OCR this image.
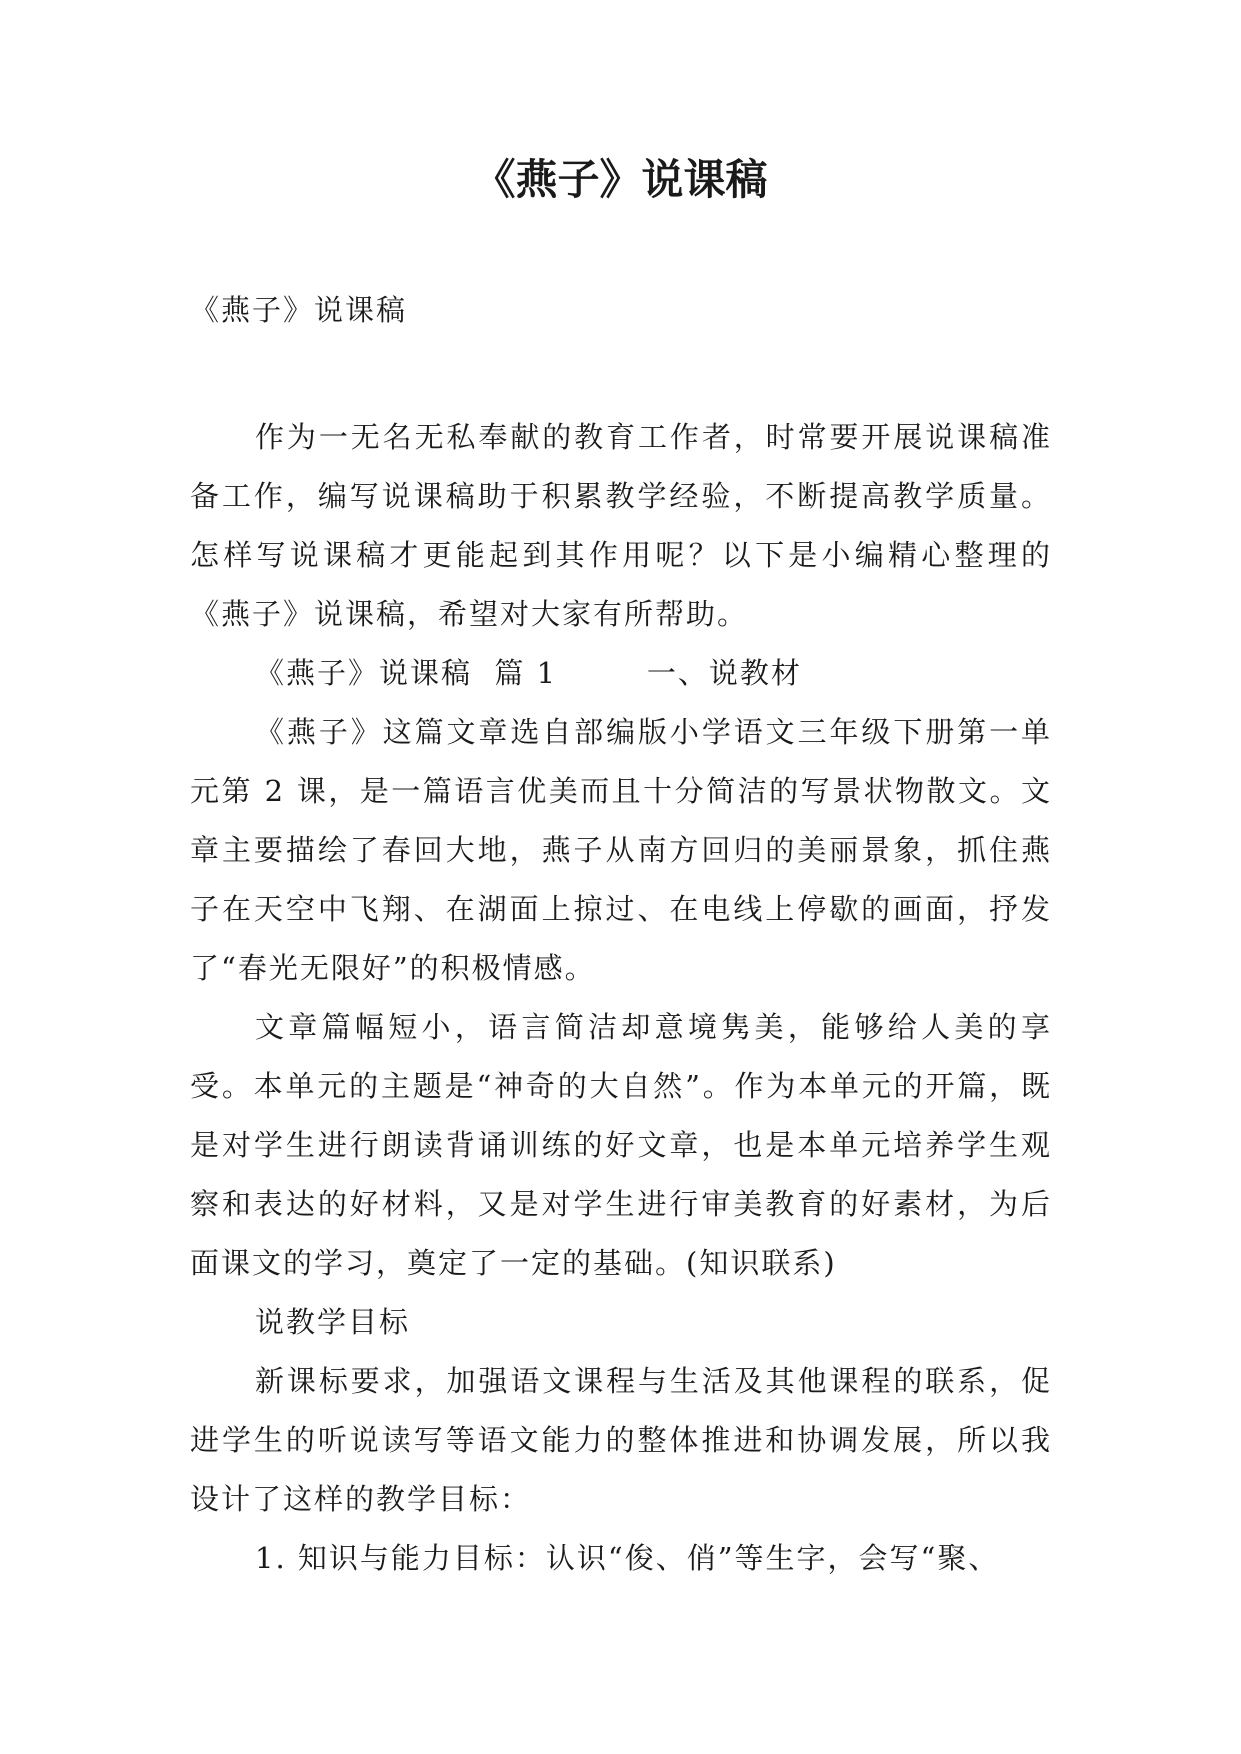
《燕子》说课稿

《燕子》说课稿

作为一无名无私奉献的教育工作者，时常要开展说课稿准备工作，编写说课稿助于积累教学经验，不断提高教学质量。怎样写说课稿才更能起到其作用呢？以下是小编精心整理的《燕子》说课稿，希望对大家有所帮助。

《燕子》说课稿  篇 1        一、说教材

《燕子》这篇文章选自部编版小学语文三年级下册第一单元第 2 课，是一篇语言优美而且十分简洁的写景状物散文。文章主要描绘了春回大地，燕子从南方回归的美丽景象，抓住燕子在天空中飞翔、在湖面上掠过、在电线上停歇的画面，抒发了“春光无限好”的积极情感。

文章篇幅短小，语言简洁却意境隽美，能够给人美的享受。本单元的主题是“神奇的大自然”。作为本单元的开篇，既是对学生进行朗读背诵训练的好文章，也是本单元培养学生观察和表达的好材料，又是对学生进行审美教育的好素材，为后面课文的学习，奠定了一定的基础。(知识联系)

说教学目标

新课标要求，加强语文课程与生活及其他课程的联系，促进学生的听说读写等语文能力的整体推进和协调发展，所以我设计了这样的教学目标：

1. 知识与能力目标：认识“俊、俏”等生字，会写“聚、
